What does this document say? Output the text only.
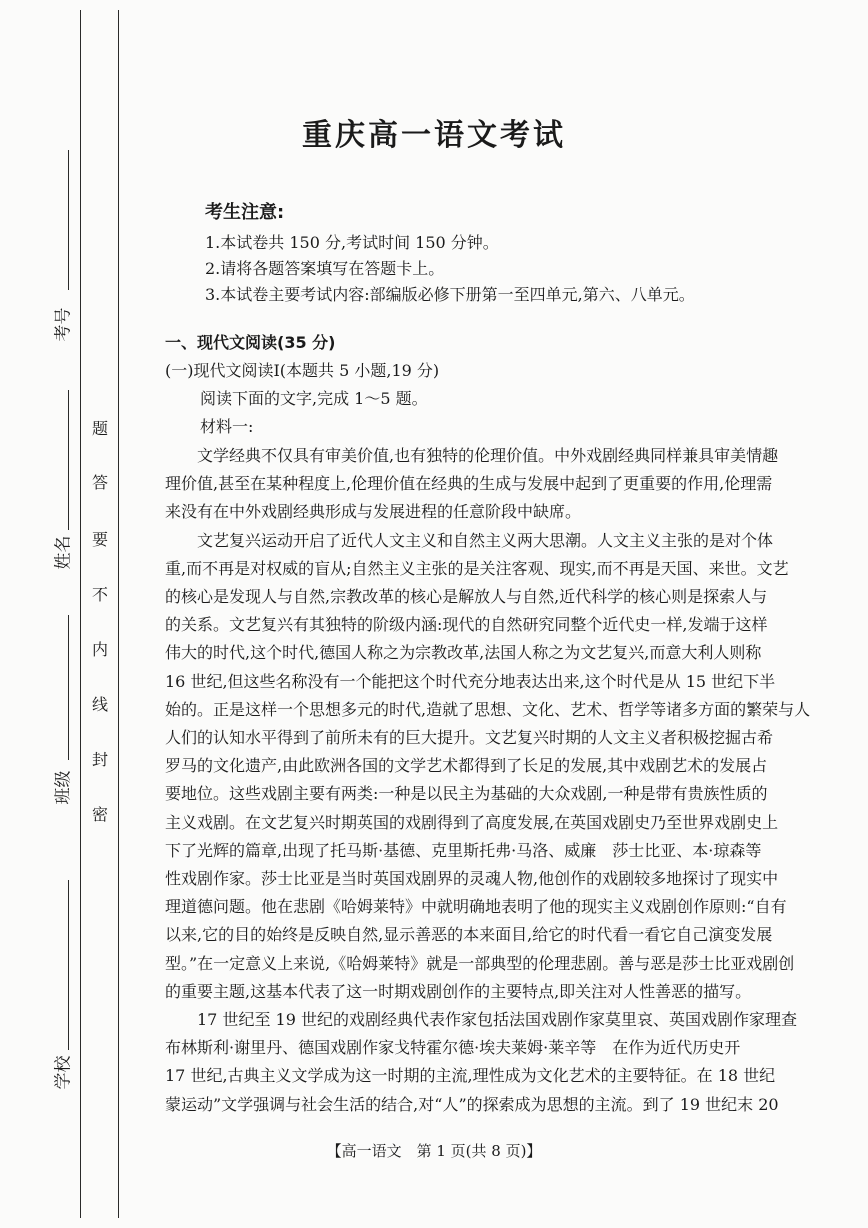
考号
姓名
班级
学校
题
答
要
不
内
线
封
密
重庆高一语文考试
考生注意:
1.本试卷共 150 分,考试时间 150 分钟。
2.请将各题答案填写在答题卡上。
3.本试卷主要考试内容:部编版必修下册第一至四单元,第六、八单元。
一、现代文阅读(35 分)
(一)现代文阅读Ⅰ(本题共 5 小题,19 分)
阅读下面的文字,完成 1～5 题。
材料一:
　　文学经典不仅具有审美价值,也有独特的伦理价值。中外戏剧经典同样兼具审美情趣
理价值,甚至在某种程度上,伦理价值在经典的生成与发展中起到了更重要的作用,伦理需
来没有在中外戏剧经典形成与发展进程的任意阶段中缺席。
　　文艺复兴运动开启了近代人文主义和自然主义两大思潮。人文主义主张的是对个体
重,而不再是对权威的盲从;自然主义主张的是关注客观、现实,而不再是天国、来世。文艺
的核心是发现人与自然,宗教改革的核心是解放人与自然,近代科学的核心则是探索人与
的关系。文艺复兴有其独特的阶级内涵:现代的自然研究同整个近代史一样,发端于这样
伟大的时代,这个时代,德国人称之为宗教改革,法国人称之为文艺复兴,而意大利人则称
16 世纪,但这些名称没有一个能把这个时代充分地表达出来,这个时代是从 15 世纪下半
始的。正是这样一个思想多元的时代,造就了思想、文化、艺术、哲学等诸多方面的繁荣与人
人们的认知水平得到了前所未有的巨大提升。文艺复兴时期的人文主义者积极挖掘古希
罗马的文化遗产,由此欧洲各国的文学艺术都得到了长足的发展,其中戏剧艺术的发展占
要地位。这些戏剧主要有两类:一种是以民主为基础的大众戏剧,一种是带有贵族性质的
主义戏剧。在文艺复兴时期英国的戏剧得到了高度发展,在英国戏剧史乃至世界戏剧史上
下了光辉的篇章,出现了托马斯·基德、克里斯托弗·马洛、威廉　莎士比亚、本·琼森等
性戏剧作家。莎士比亚是当时英国戏剧界的灵魂人物,他创作的戏剧较多地探讨了现实中
理道德问题。他在悲剧《哈姆莱特》中就明确地表明了他的现实主义戏剧创作原则:“自有
以来,它的目的始终是反映自然,显示善恶的本来面目,给它的时代看一看它自己演变发展
型。”在一定意义上来说,《哈姆莱特》就是一部典型的伦理悲剧。善与恶是莎士比亚戏剧创
的重要主题,这基本代表了这一时期戏剧创作的主要特点,即关注对人性善恶的描写。
　　17 世纪至 19 世纪的戏剧经典代表作家包括法国戏剧作家莫里哀、英国戏剧作家理查
布林斯利·谢里丹、德国戏剧作家戈特霍尔德·埃夫莱姆·莱辛等　在作为近代历史开
17 世纪,古典主义文学成为这一时期的主流,理性成为文化艺术的主要特征。在 18 世纪
蒙运动”文学强调与社会生活的结合,对“人”的探索成为思想的主流。到了 19 世纪末 20
【高一语文　第 1 页(共 8 页)】
